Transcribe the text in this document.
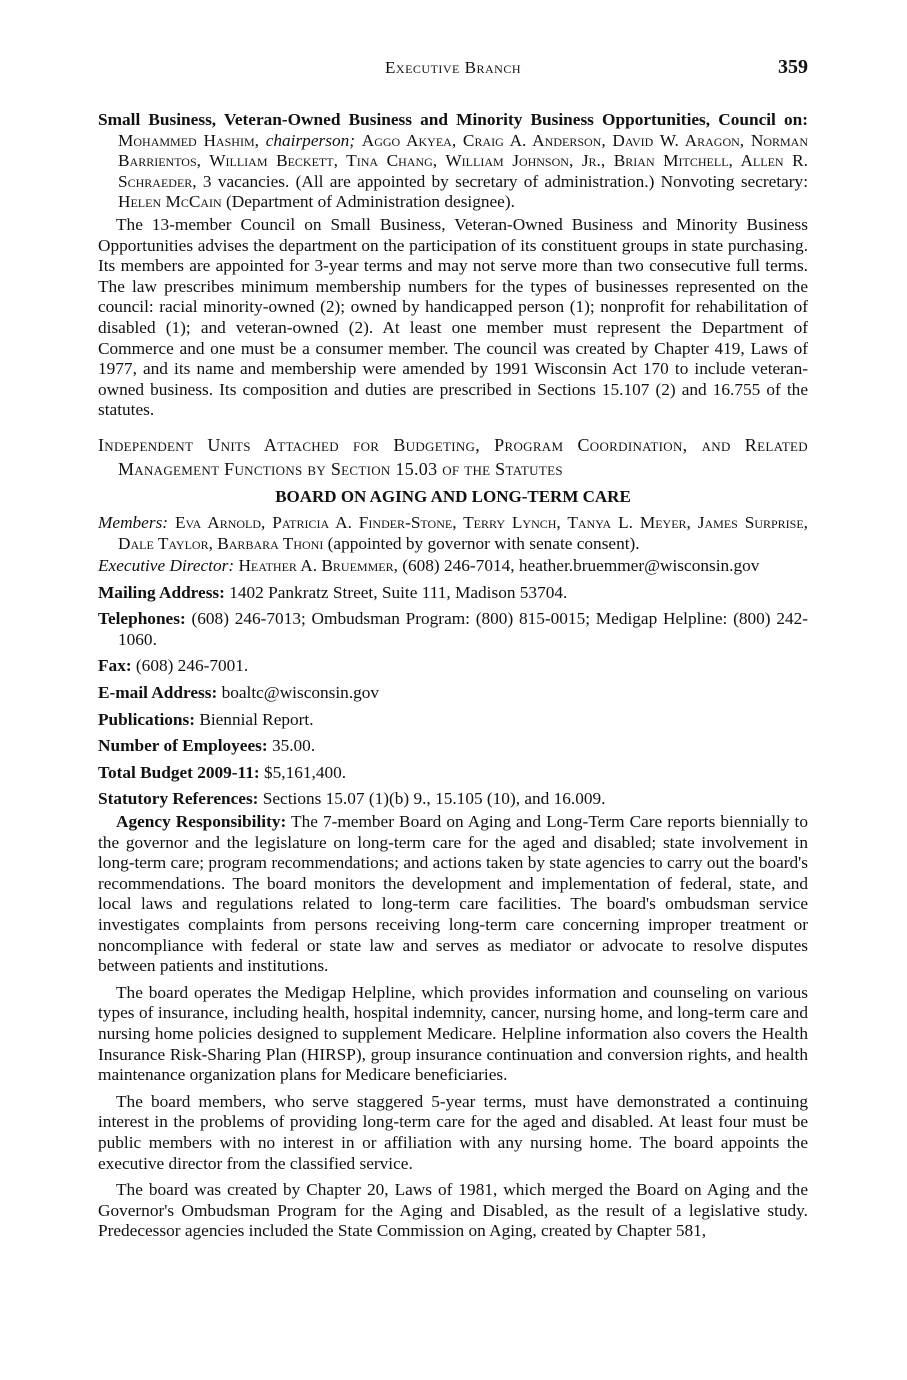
Executive Branch	359

Small Business, Veteran-Owned Business and Minority Business Opportunities, Council on: Mohammed Hashim, chairperson; Aggo Akyea, Craig A. Anderson, David W. Aragon, Norman Barrientos, William Beckett, Tina Chang, William Johnson, Jr., Brian Mitchell, Allen R. Schraeder, 3 vacancies. (All are appointed by secretary of administration.) Nonvoting secretary: Helen McCain (Department of Administration designee).

The 13-member Council on Small Business, Veteran-Owned Business and Minority Business Opportunities advises the department on the participation of its constituent groups in state purchasing. Its members are appointed for 3-year terms and may not serve more than two consecutive full terms. The law prescribes minimum membership numbers for the types of businesses represented on the council: racial minority-owned (2); owned by handicapped person (1); nonprofit for rehabilitation of disabled (1); and veteran-owned (2). At least one member must represent the Department of Commerce and one must be a consumer member. The council was created by Chapter 419, Laws of 1977, and its name and membership were amended by 1991 Wisconsin Act 170 to include veteran-owned business. Its composition and duties are prescribed in Sections 15.107 (2) and 16.755 of the statutes.

Independent Units Attached for Budgeting, Program Coordination, and Related Management Functions by Section 15.03 of the Statutes

BOARD ON AGING AND LONG-TERM CARE

Members: Eva Arnold, Patricia A. Finder-Stone, Terry Lynch, Tanya L. Meyer, James Surprise, Dale Taylor, Barbara Thoni (appointed by governor with senate consent).

Executive Director: Heather A. Bruemmer, (608) 246-7014, heather.bruemmer@wisconsin.gov

Mailing Address: 1402 Pankratz Street, Suite 111, Madison 53704.

Telephones: (608) 246-7013; Ombudsman Program: (800) 815-0015; Medigap Helpline: (800) 242-1060.

Fax: (608) 246-7001.

E-mail Address: boaltc@wisconsin.gov

Publications: Biennial Report.

Number of Employees: 35.00.

Total Budget 2009-11: $5,161,400.

Statutory References: Sections 15.07 (1)(b) 9., 15.105 (10), and 16.009.

Agency Responsibility: The 7-member Board on Aging and Long-Term Care reports biennially to the governor and the legislature on long-term care for the aged and disabled; state involvement in long-term care; program recommendations; and actions taken by state agencies to carry out the board's recommendations. The board monitors the development and implementation of federal, state, and local laws and regulations related to long-term care facilities. The board's ombudsman service investigates complaints from persons receiving long-term care concerning improper treatment or noncompliance with federal or state law and serves as mediator or advocate to resolve disputes between patients and institutions.

The board operates the Medigap Helpline, which provides information and counseling on various types of insurance, including health, hospital indemnity, cancer, nursing home, and long-term care and nursing home policies designed to supplement Medicare. Helpline information also covers the Health Insurance Risk-Sharing Plan (HIRSP), group insurance continuation and conversion rights, and health maintenance organization plans for Medicare beneficiaries.

The board members, who serve staggered 5-year terms, must have demonstrated a continuing interest in the problems of providing long-term care for the aged and disabled. At least four must be public members with no interest in or affiliation with any nursing home. The board appoints the executive director from the classified service.

The board was created by Chapter 20, Laws of 1981, which merged the Board on Aging and the Governor's Ombudsman Program for the Aging and Disabled, as the result of a legislative study. Predecessor agencies included the State Commission on Aging, created by Chapter 581,
